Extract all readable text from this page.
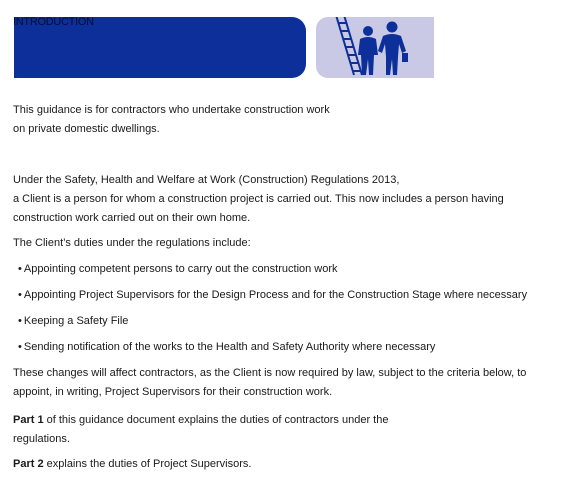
INTRODUCTION

This guidance is for contractors who undertake construction work
on private domestic dwellings.

Under the Safety, Health and Welfare at Work (Construction) Regulations 2013,
a Client is a person for whom a construction project is carried out. This now includes a person having
construction work carried out on their own home.

The Client’s duties under the regulations include:

• Appointing competent persons to carry out the construction work
• Appointing Project Supervisors for the Design Process and for the Construction Stage where necessary
• Keeping a Safety File
• Sending notification of the works to the Health and Safety Authority where necessary

These changes will affect contractors, as the Client is now required by law, subject to the criteria below, to
appoint, in writing, Project Supervisors for their construction work.

Part 1 of this guidance document explains the duties of contractors under the
regulations.

Part 2 explains the duties of Project Supervisors.
